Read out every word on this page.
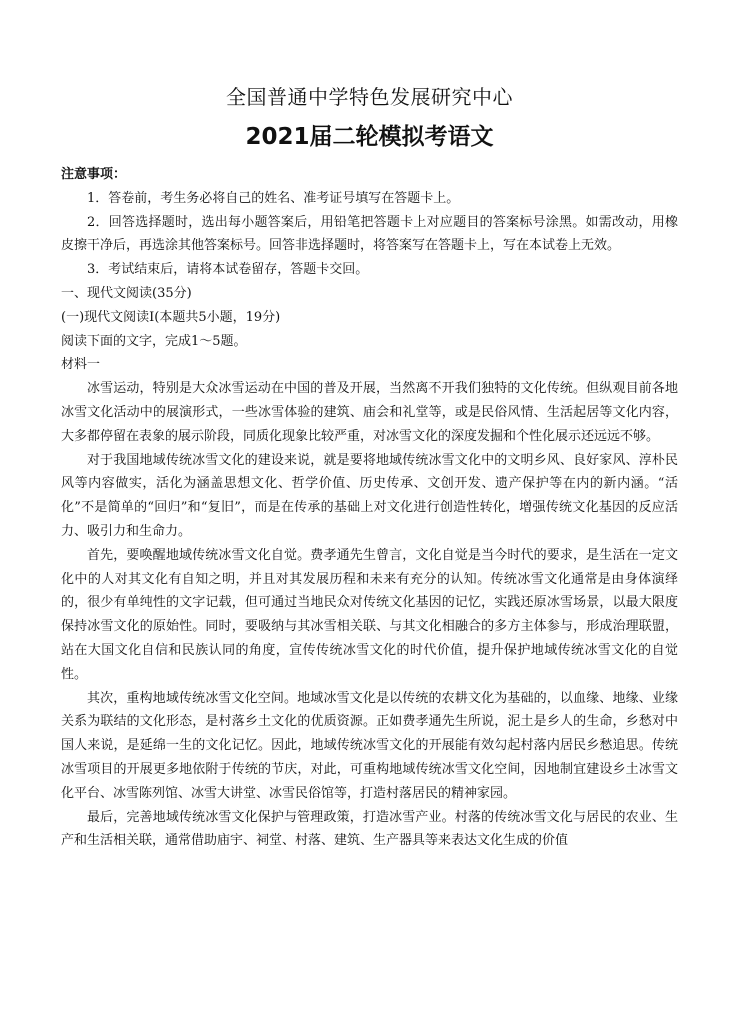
全国普通中学特色发展研究中心
2021届二轮模拟考语文
注意事项：

1．答卷前，考生务必将自己的姓名、准考证号填写在答题卡上。

2．回答选择题时，选出每小题答案后，用铅笔把答题卡上对应题目的答案标号涂黑。如需改动，用橡皮擦干净后，再选涂其他答案标号。回答非选择题时，将答案写在答题卡上，写在本试卷上无效。

3．考试结束后，请将本试卷留存，答题卡交回。

一、现代文阅读(35分)

(一)现代文阅读Ⅰ(本题共5小题，19分)

阅读下面的文字，完成1～5题。

材料一

冰雪运动，特别是大众冰雪运动在中国的普及开展，当然离不开我们独特的文化传统。但纵观目前各地冰雪文化活动中的展演形式，一些冰雪体验的建筑、庙会和礼堂等，或是民俗风情、生活起居等文化内容，大多都停留在表象的展示阶段，同质化现象比较严重，对冰雪文化的深度发掘和个性化展示还远远不够。

对于我国地域传统冰雪文化的建设来说，就是要将地域传统冰雪文化中的文明乡风、良好家风、淳朴民风等内容做实，活化为涵盖思想文化、哲学价值、历史传承、文创开发、遗产保护等在内的新内涵。“活化”不是简单的“回归”和“复旧”，而是在传承的基础上对文化进行创造性转化，增强传统文化基因的反应活力、吸引力和生命力。

首先，要唤醒地域传统冰雪文化自觉。费孝通先生曾言，文化自觉是当今时代的要求，是生活在一定文化中的人对其文化有自知之明，并且对其发展历程和未来有充分的认知。传统冰雪文化通常是由身体演绎的，很少有单纯性的文字记载，但可通过当地民众对传统文化基因的记忆，实践还原冰雪场景，以最大限度保持冰雪文化的原始性。同时，要吸纳与其冰雪相关联、与其文化相融合的多方主体参与，形成治理联盟，站在大国文化自信和民族认同的角度，宣传传统冰雪文化的时代价值，提升保护地域传统冰雪文化的自觉性。

其次，重构地域传统冰雪文化空间。地域冰雪文化是以传统的农耕文化为基础的，以血缘、地缘、业缘关系为联结的文化形态，是村落乡土文化的优质资源。正如费孝通先生所说，泥土是乡人的生命，乡愁对中国人来说，是延绵一生的文化记忆。因此，地域传统冰雪文化的开展能有效勾起村落内居民乡愁追思。传统冰雪项目的开展更多地依附于传统的节庆，对此，可重构地域传统冰雪文化空间，因地制宜建设乡土冰雪文化平台、冰雪陈列馆、冰雪大讲堂、冰雪民俗馆等，打造村落居民的精神家园。

最后，完善地域传统冰雪文化保护与管理政策，打造冰雪产业。村落的传统冰雪文化与居民的农业、生产和生活相关联，通常借助庙宇、祠堂、村落、建筑、生产器具等来表达文化生成的价值
